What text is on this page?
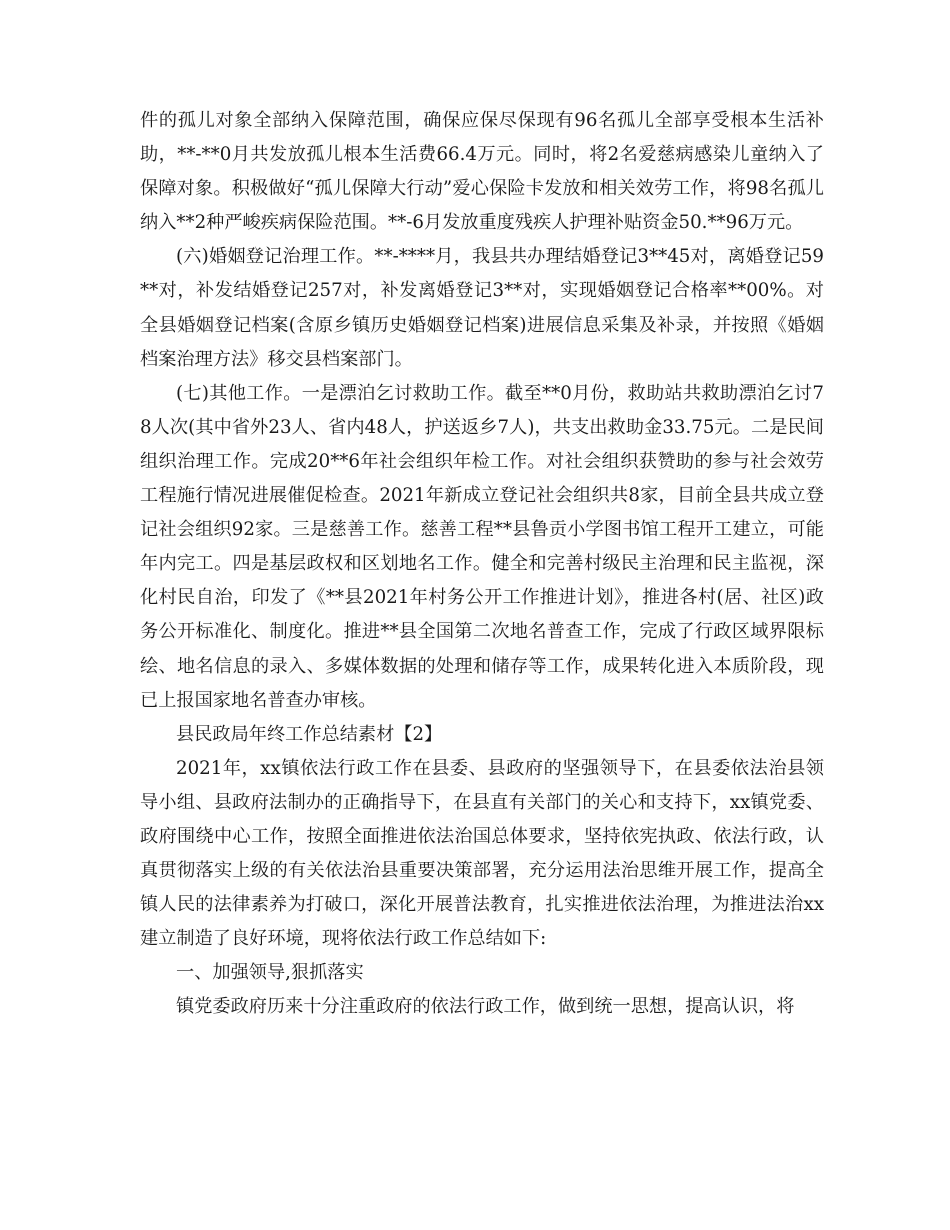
件的孤儿对象全部纳入保障范围，确保应保尽保现有96名孤儿全部享受根本生活补助，**-**0月共发放孤儿根本生活费66.4万元。同时，将2名爱慈病感染儿童纳入了保障对象。积极做好“孤儿保障大行动”爱心保险卡发放和相关效劳工作，将98名孤儿纳入**2种严峻疾病保险范围。**-6月发放重度残疾人护理补贴资金50.**96万元。

(六)婚姻登记治理工作。**-****月，我县共办理结婚登记3**45对，离婚登记59**对，补发结婚登记257对，补发离婚登记3**对，实现婚姻登记合格率**00%。对全县婚姻登记档案(含原乡镇历史婚姻登记档案)进展信息采集及补录，并按照《婚姻档案治理方法》移交县档案部门。

(七)其他工作。一是漂泊乞讨救助工作。截至**0月份，救助站共救助漂泊乞讨78人次(其中省外23人、省内48人，护送返乡7人)，共支出救助金33.75元。二是民间组织治理工作。完成20**6年社会组织年检工作。对社会组织获赞助的参与社会效劳工程施行情况进展催促检查。2021年新成立登记社会组织共8家，目前全县共成立登记社会组织92家。三是慈善工作。慈善工程**县鲁贡小学图书馆工程开工建立，可能年内完工。四是基层政权和区划地名工作。健全和完善村级民主治理和民主监视，深化村民自治，印发了《**县2021年村务公开工作推进计划》，推进各村(居、社区)政务公开标准化、制度化。推进**县全国第二次地名普查工作，完成了行政区域界限标绘、地名信息的录入、多媒体数据的处理和储存等工作，成果转化进入本质阶段，现已上报国家地名普查办审核。

县民政局年终工作总结素材【2】

2021年，xx镇依法行政工作在县委、县政府的坚强领导下，在县委依法治县领导小组、县政府法制办的正确指导下，在县直有关部门的关心和支持下，xx镇党委、政府围绕中心工作，按照全面推进依法治国总体要求，坚持依宪执政、依法行政，认真贯彻落实上级的有关依法治县重要决策部署，充分运用法治思维开展工作，提高全镇人民的法律素养为打破口，深化开展普法教育，扎实推进依法治理，为推进法治xx建立制造了良好环境，现将依法行政工作总结如下:

一、加强领导,狠抓落实

镇党委政府历来十分注重政府的依法行政工作，做到统一思想，提高认识，将
